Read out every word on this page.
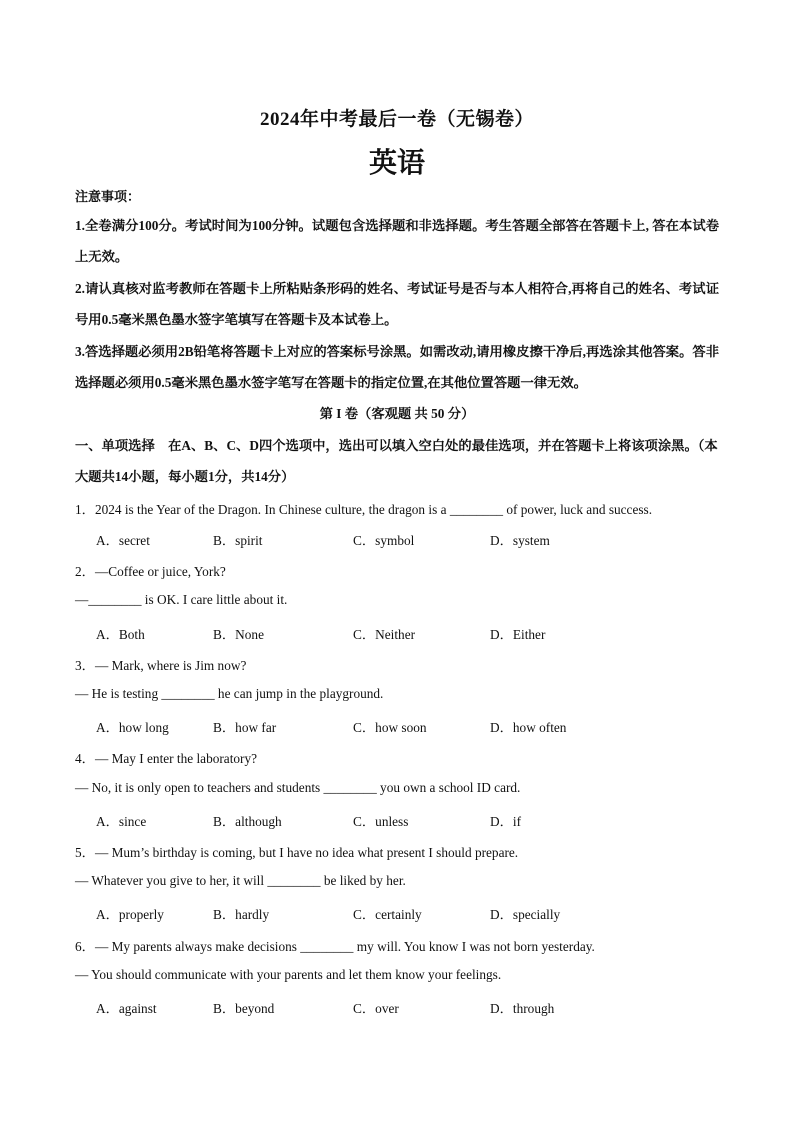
2024年中考最后一卷（无锡卷）
英语
注意事项：
1.全卷满分100分。考试时间为100分钟。试题包含选择题和非选择题。考生答题全部答在答题卡上, 答在本试卷上无效。
2.请认真核对监考教师在答题卡上所粘贴条形码的姓名、考试证号是否与本人相符合,再将自己的姓名、考试证号用0.5毫米黑色墨水签字笔填写在答题卡及本试卷上。
3.答选择题必须用2B铅笔将答题卡上对应的答案标号涂黑。如需改动,请用橡皮擦干净后,再选涂其他答案。答非选择题必须用0.5毫米黑色墨水签字笔写在答题卡的指定位置,在其他位置答题一律无效。
第 I 卷（客观题 共 50 分）
一、单项选择　在A、B、C、D四个选项中，选出可以填入空白处的最佳选项，并在答题卡上将该项涂黑。（本大题共14小题，每小题1分，共14分）
1．2024 is the Year of the Dragon. In Chinese culture, the dragon is a ________ of power, luck and success.
A．secret	B．spirit	C．symbol	D．system
2．—Coffee or juice, York?
—________ is OK. I care little about it.
A．Both	B．None	C．Neither	D．Either
3．— Mark, where is Jim now?
— He is testing ________ he can jump in the playground.
A．how long	B．how far	C．how soon	D．how often
4．— May I enter the laboratory?
— No, it is only open to teachers and students ________ you own a school ID card.
A．since	B．although	C．unless	D．if
5．— Mum’s birthday is coming, but I have no idea what present I should prepare.
— Whatever you give to her, it will ________ be liked by her.
A．properly	B．hardly	C．certainly	D．specially
6．— My parents always make decisions ________ my will. You know I was not born yesterday.
— You should communicate with your parents and let them know your feelings.
A．against	B．beyond	C．over	D．through
